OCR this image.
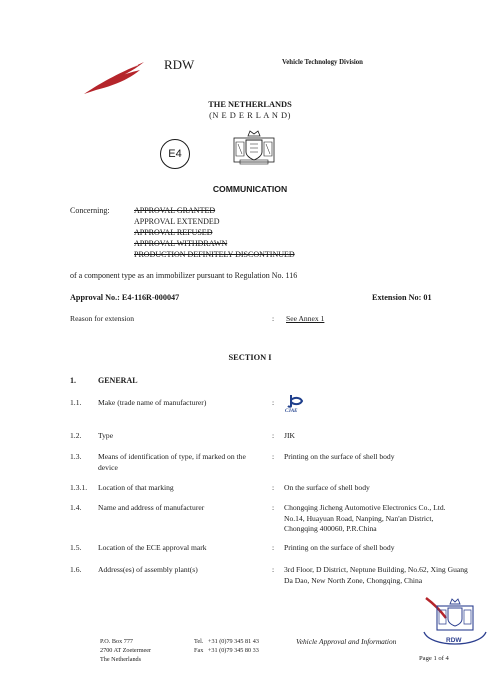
RDW	Vehicle Technology Division
THE NETHERLANDS
(N E D E R L A N D)
E4
COMMUNICATION
Concerning:	APPROVAL GRANTED
APPROVAL EXTENDED
APPROVAL REFUSED
APPROVAL WITHDRAWN
PRODUCTION DEFINITELY DISCONTINUED
of a component type as an immobilizer pursuant to Regulation No. 116
Approval No.: E4-116R-000047	Extension No: 01
Reason for extension	: See Annex 1
SECTION I
1.	GENERAL
1.1. Make (trade name of manufacturer)	:
CJAE
1.2. Type	: JIK
1.3. Means of identification of type, if marked on the device
: Printing on the surface of shell body
1.3.1. Location of that marking	: On the surface of shell body
1.4. Name and address of manufacturer	: Chongqing Jicheng Automotive Electronics Co., Ltd. No.14, Huayuan Road, Nanping, Nan'an District, Chongqing 400060, P.R.China
1.5. Location of the ECE approval mark	: Printing on the surface of shell body
1.6. Address(es) of assembly plant(s)	: 3rd Floor, D District, Neptune Building, No.62, Xing Guang Da Dao, New North Zone, Chongqing, China
P.O. Box 777
2700 AT Zoetermeer
The Netherlands
Tel.   +31 (0)79 345 81 43
Fax   +31 (0)79 345 80 33
Vehicle Approval and Information	RDW
Page 1 of 4
